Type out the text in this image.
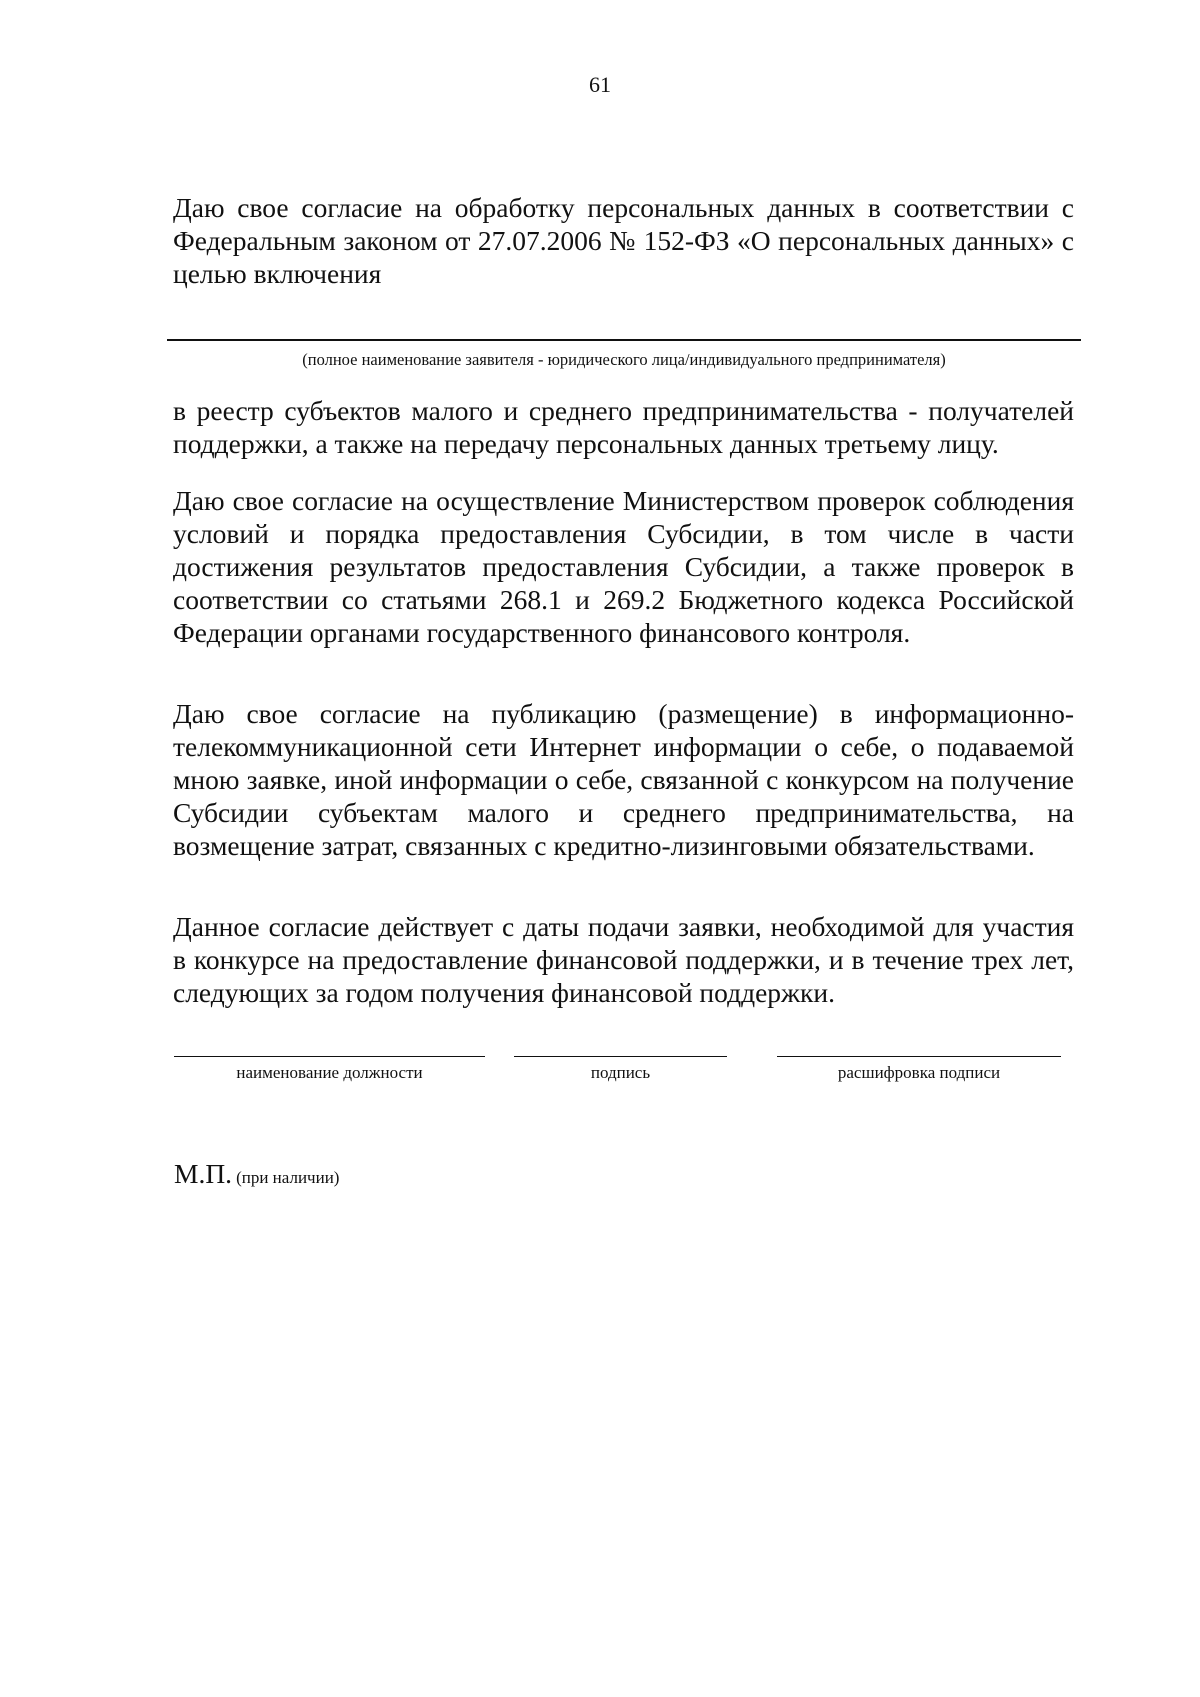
61

Даю свое согласие на обработку персональных данных в соответствии с Федеральным законом от 27.07.2006 № 152-ФЗ «О персональных данных» с целью включения

(полное наименование заявителя - юридического лица/индивидуального предпринимателя)

в реестр субъектов малого и среднего предпринимательства - получателей поддержки, а также на передачу персональных данных третьему лицу.

Даю свое согласие на осуществление Министерством проверок соблюдения условий и порядка предоставления Субсидии, в том числе в части достижения результатов предоставления Субсидии, а также проверок в соответствии со статьями 268.1 и 269.2 Бюджетного кодекса Российской Федерации органами государственного финансового контроля.

Даю свое согласие на публикацию (размещение) в информационно-телекоммуникационной сети Интернет информации о себе, о подаваемой мною заявке, иной информации о себе, связанной с конкурсом на получение Субсидии субъектам малого и среднего предпринимательства, на возмещение затрат, связанных с кредитно-лизинговыми обязательствами.

Данное согласие действует с даты подачи заявки, необходимой для участия в конкурсе на предоставление финансовой поддержки, и в течение трех лет, следующих за годом получения финансовой поддержки.

наименование должности	подпись	расшифровка подписи
М.П. (при наличии)
